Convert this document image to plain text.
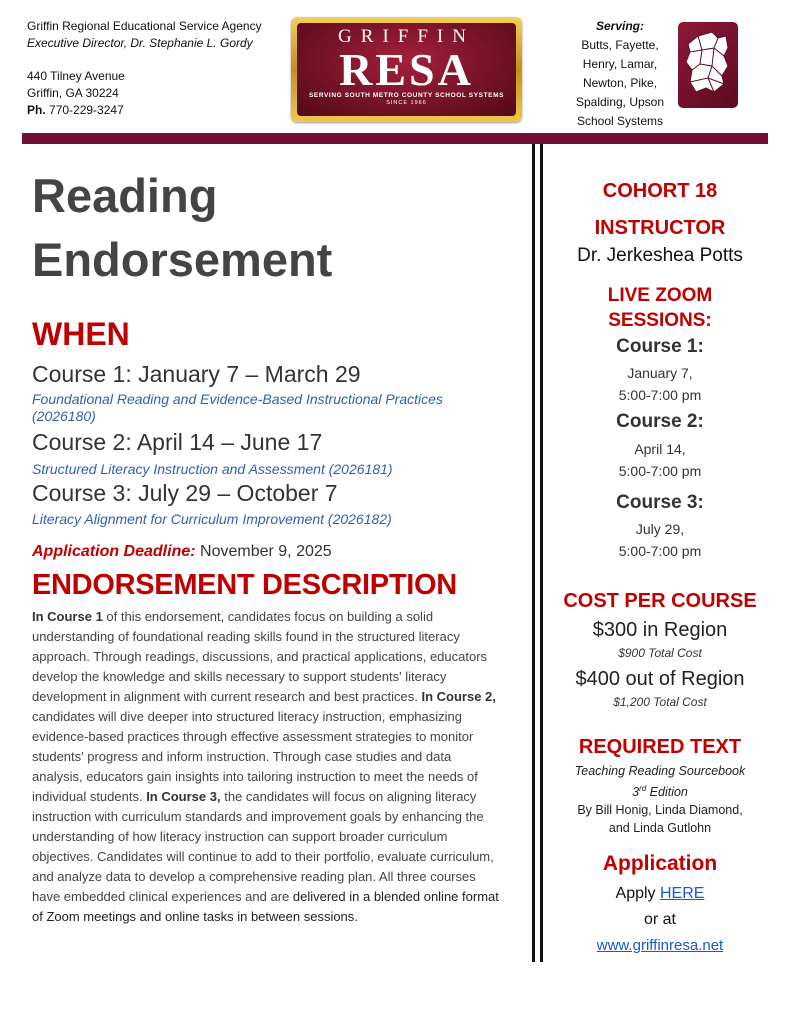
Griffin Regional Educational Service Agency
Executive Director, Dr. Stephanie L. Gordy
440 Tilney Avenue
Griffin, GA 30224
Ph. 770-229-3247
GRIFFIN
RESA
SERVING SOUTH METRO COUNTY SCHOOL SYSTEMS
SINCE 1966
Serving:
Butts, Fayette,
Henry, Lamar,
Newton, Pike,
Spalding, Upson
School Systems
Reading
Endorsement
WHEN
Course 1: January 7 – March 29
Foundational Reading and Evidence-Based Instructional Practices (2026180)
Course 2: April 14 – June 17
Structured Literacy Instruction and Assessment (2026181)
Course 3: July 29 – October 7
Literacy Alignment for Curriculum Improvement (2026182)
Application Deadline: November 9, 2025
ENDORSEMENT DESCRIPTION
In Course 1 of this endorsement, candidates focus on building a solid understanding of foundational reading skills found in the structured literacy approach. Through readings, discussions, and practical applications, educators develop the knowledge and skills necessary to support students' literacy development in alignment with current research and best practices. In Course 2, candidates will dive deeper into structured literacy instruction, emphasizing evidence-based practices through effective assessment strategies to monitor students' progress and inform instruction. Through case studies and data analysis, educators gain insights into tailoring instruction to meet the needs of individual students. In Course 3, the candidates will focus on aligning literacy instruction with curriculum standards and improvement goals by enhancing the understanding of how literacy instruction can support broader curriculum objectives. Candidates will continue to add to their portfolio, evaluate curriculum, and analyze data to develop a comprehensive reading plan. All three courses have embedded clinical experiences and are delivered in a blended online format of Zoom meetings and online tasks in between sessions.
COHORT 18
INSTRUCTOR
Dr. Jerkeshea Potts
LIVE ZOOM
SESSIONS:
Course 1:
January 7,
5:00-7:00 pm
Course 2:
April 14,
5:00-7:00 pm
Course 3:
July 29,
5:00-7:00 pm
COST PER COURSE
$300 in Region
$900 Total Cost
$400 out of Region
$1,200 Total Cost
REQUIRED TEXT
Teaching Reading Sourcebook
3rd Edition
By Bill Honig, Linda Diamond,
and Linda Gutlohn
Application
Apply HERE
or at
www.griffinresa.net
